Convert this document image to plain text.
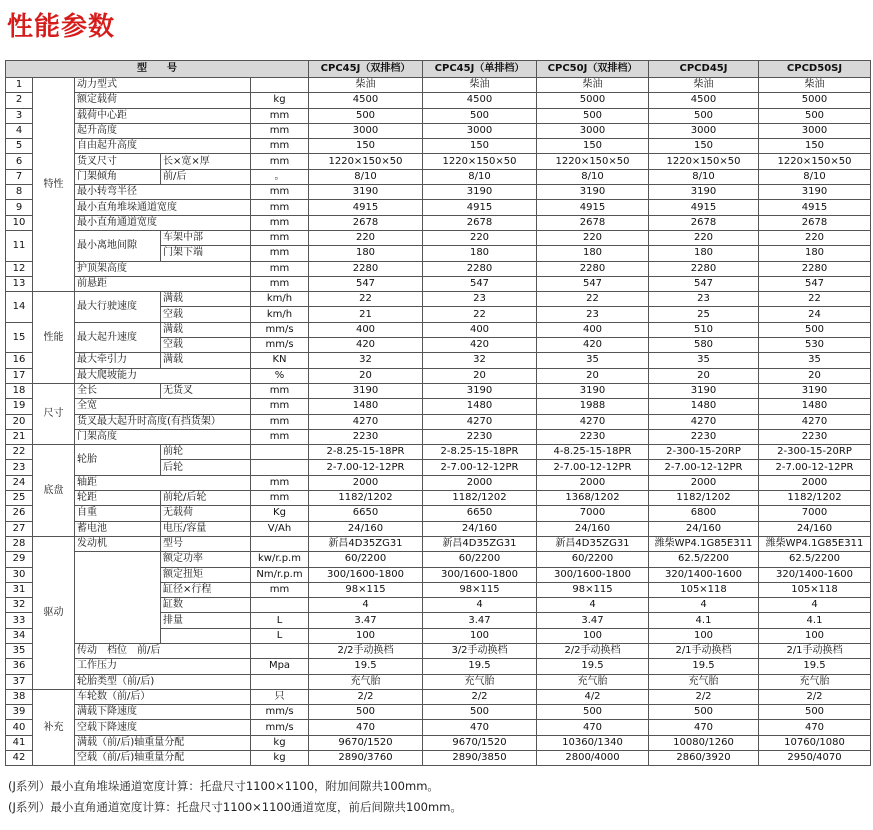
性能参数
型　　号					CPC45J（双排档）	CPC45J（单排档）	CPC50J（双排档）	CPCD45J	CPCD50SJ
1	特性	动力型式			柴油	柴油	柴油	柴油	柴油
2		额定载荷		kg	4500	4500	5000	4500	5000
3		载荷中心距		mm	500	500	500	500	500
4		起升高度		mm	3000	3000	3000	3000	3000
5		自由起升高度		mm	150	150	150	150	150
6		货叉尺寸	长×宽×厚	mm	1220×150×50	1220×150×50	1220×150×50	1220×150×50	1220×150×50
7		门架倾角	前/后	。	8/10	8/10	8/10	8/10	8/10
8		最小转弯半径		mm	3190	3190	3190	3190	3190
9		最小直角堆垛通道宽度		mm	4915	4915	4915	4915	4915
10		最小直角通道宽度		mm	2678	2678	2678	2678	2678
11		最小离地间隙	车架中部	mm	220	220	220	220	220
			门架下端	mm	180	180	180	180	180
12		护顶架高度		mm	2280	2280	2280	2280	2280
13		前悬距		mm	547	547	547	547	547
14	性能	最大行驶速度	满载	km/h	22	23	22	23	22
			空载	km/h	21	22	23	25	24
15		最大起升速度	满载	mm/s	400	400	400	510	500
			空载	mm/s	420	420	420	580	530
16		最大牵引力	满载	KN	32	32	35	35	35
17		最大爬坡能力		%	20	20	20	20	20
18	尺寸	全长	无货叉	mm	3190	3190	3190	3190	3190
19		全宽		mm	1480	1480	1988	1480	1480
20		货叉最大起升时高度(有挡货架）		mm	4270	4270	4270	4270	4270
21		门架高度		mm	2230	2230	2230	2230	2230
22	底盘	轮胎	前轮		2-8.25-15-18PR	2-8.25-15-18PR	4-8.25-15-18PR	2-300-15-20RP	2-300-15-20RP
23			后轮		2-7.00-12-12PR	2-7.00-12-12PR	2-7.00-12-12PR	2-7.00-12-12PR	2-7.00-12-12PR
24		轴距		mm	2000	2000	2000	2000	2000
25		轮距	前轮/后轮	mm	1182/1202	1182/1202	1368/1202	1182/1202	1182/1202
26		自重	无载荷	Kg	6650	6650	7000	6800	7000
27		蓄电池	电压/容量	V/Ah	24/160	24/160	24/160	24/160	24/160
28	驱动	发动机	型号		新昌4D35ZG31	新昌4D35ZG31	新昌4D35ZG31	潍柴WP4.1G85E311	潍柴WP4.1G85E311
29			额定功率	kw/r.p.m	60/2200	60/2200	60/2200	62.5/2200	62.5/2200
30			额定扭矩	Nm/r.p.m	300/1600-1800	300/1600-1800	300/1600-1800	320/1400-1600	320/1400-1600
31			缸径×行程	mm	98×115	98×115	98×115	105×118	105×118
32			缸数		4	4	4	4	4
33			排量	L	3.47	3.47	3.47	4.1	4.1
34				L	100	100	100	100	100
35		传动　档位　前/后			2/2手动换档	3/2手动换档	2/2手动换档	2/1手动换档	2/1手动换档
36		工作压力		Mpa	19.5	19.5	19.5	19.5	19.5
37		轮胎类型（前/后)			充气胎	充气胎	充气胎	充气胎	充气胎
38	补充	车轮数（前/后）		只	2/2	2/2	4/2	2/2	2/2
39		满载下降速度		mm/s	500	500	500	500	500
40		空载下降速度		mm/s	470	470	470	470	470
41		满载（前/后)轴重量分配		kg	9670/1520	9670/1520	10360/1340	10080/1260	10760/1080
42		空载（前/后)轴重量分配		kg	2890/3760	2890/3850	2800/4000	2860/3920	2950/4070
(J系列）最小直角堆垛通道宽度计算：托盘尺寸1100×1100，附加间隙共100mm。
(J系列）最小直角通道宽度计算：托盘尺寸1100×1100通道宽度，前后间隙共100mm。
